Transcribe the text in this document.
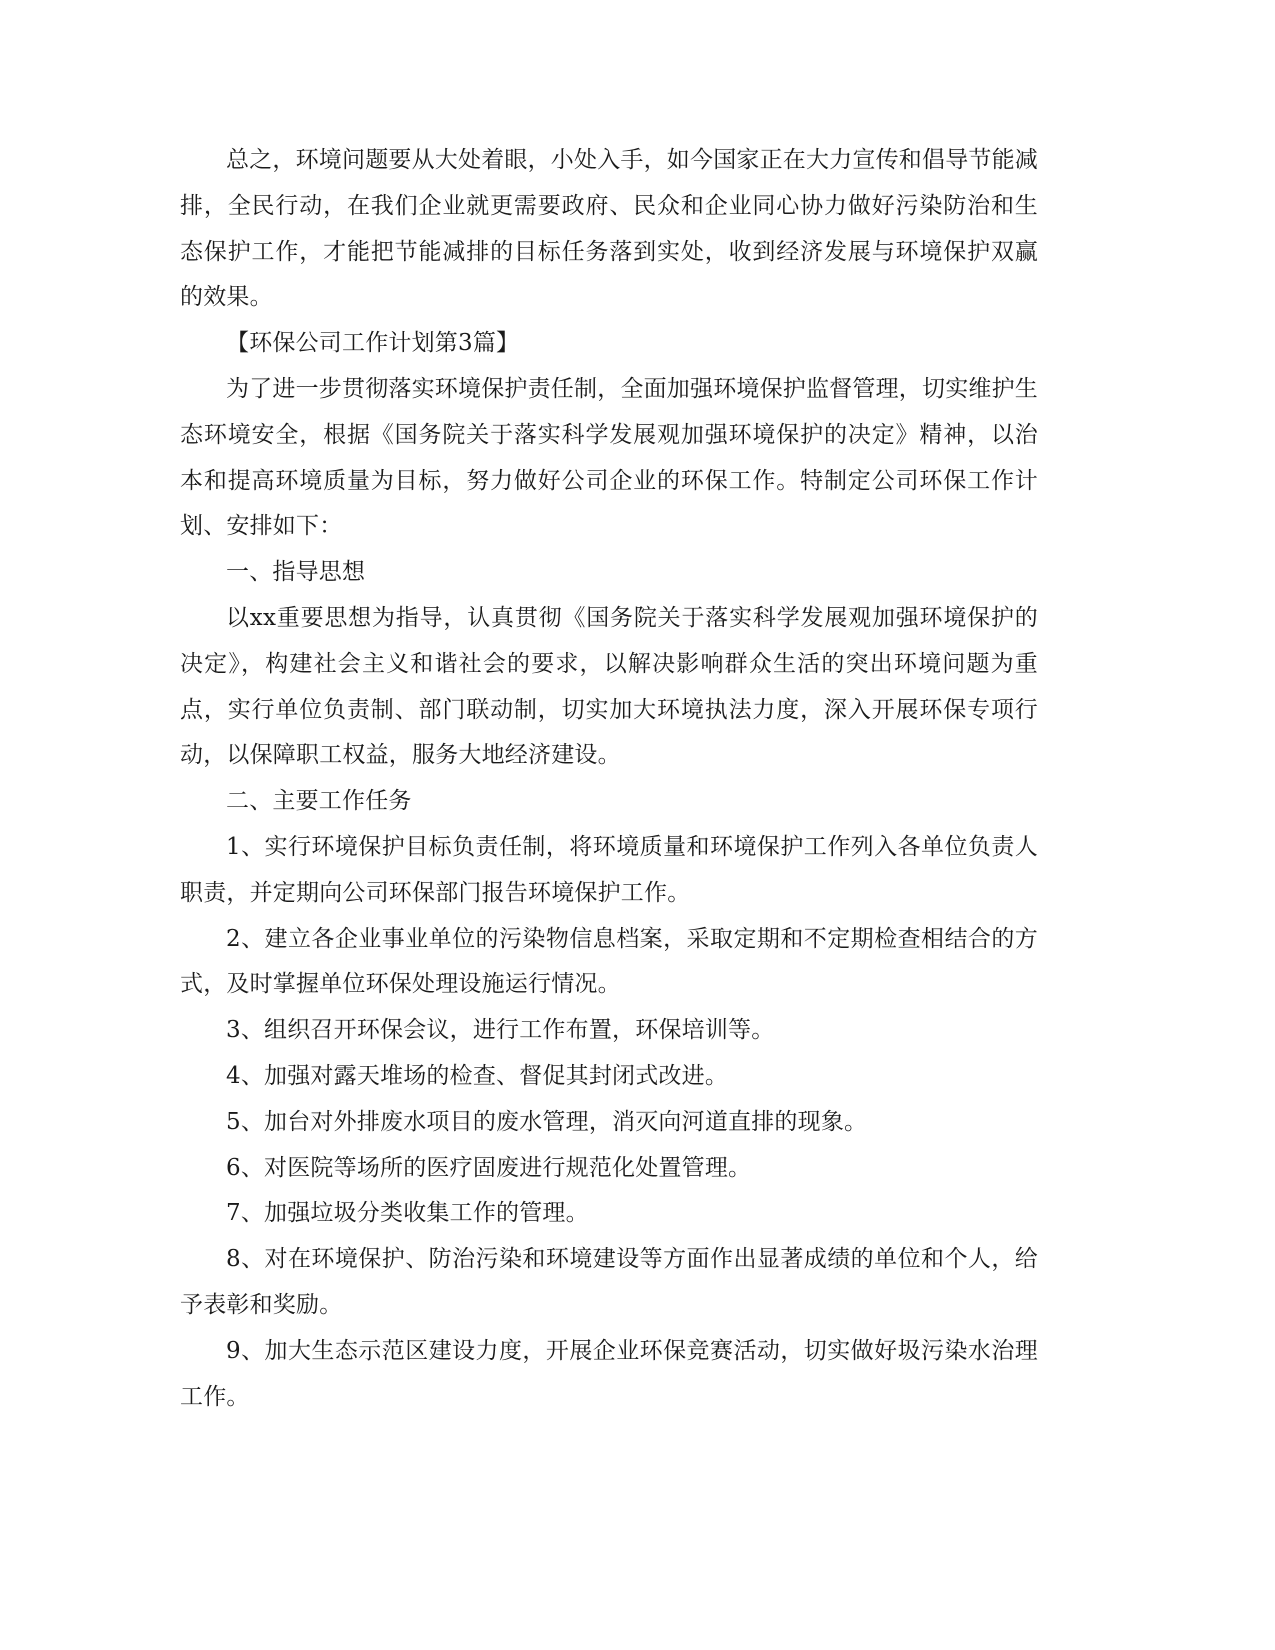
总之，环境问题要从大处着眼，小处入手，如今国家正在大力宣传和倡导节能减排，全民行动，在我们企业就更需要政府、民众和企业同心协力做好污染防治和生态保护工作，才能把节能减排的目标任务落到实处，收到经济发展与环境保护双赢的效果。

【环保公司工作计划第3篇】

为了进一步贯彻落实环境保护责任制，全面加强环境保护监督管理，切实维护生态环境安全，根据《国务院关于落实科学发展观加强环境保护的决定》精神，以治本和提高环境质量为目标，努力做好公司企业的环保工作。特制定公司环保工作计划、安排如下：

一、指导思想

以xx重要思想为指导，认真贯彻《国务院关于落实科学发展观加强环境保护的决定》，构建社会主义和谐社会的要求，以解决影响群众生活的突出环境问题为重点，实行单位负责制、部门联动制，切实加大环境执法力度，深入开展环保专项行动，以保障职工权益，服务大地经济建设。

二、主要工作任务

1、实行环境保护目标负责任制，将环境质量和环境保护工作列入各单位负责人职责，并定期向公司环保部门报告环境保护工作。

2、建立各企业事业单位的污染物信息档案，采取定期和不定期检查相结合的方式，及时掌握单位环保处理设施运行情况。

3、组织召开环保会议，进行工作布置，环保培训等。

4、加强对露天堆场的检查、督促其封闭式改进。

5、加台对外排废水项目的废水管理，消灭向河道直排的现象。

6、对医院等场所的医疗固废进行规范化处置管理。

7、加强垃圾分类收集工作的管理。

8、对在环境保护、防治污染和环境建设等方面作出显著成绩的单位和个人，给予表彰和奖励。

9、加大生态示范区建设力度，开展企业环保竞赛活动，切实做好圾污染水治理工作。
